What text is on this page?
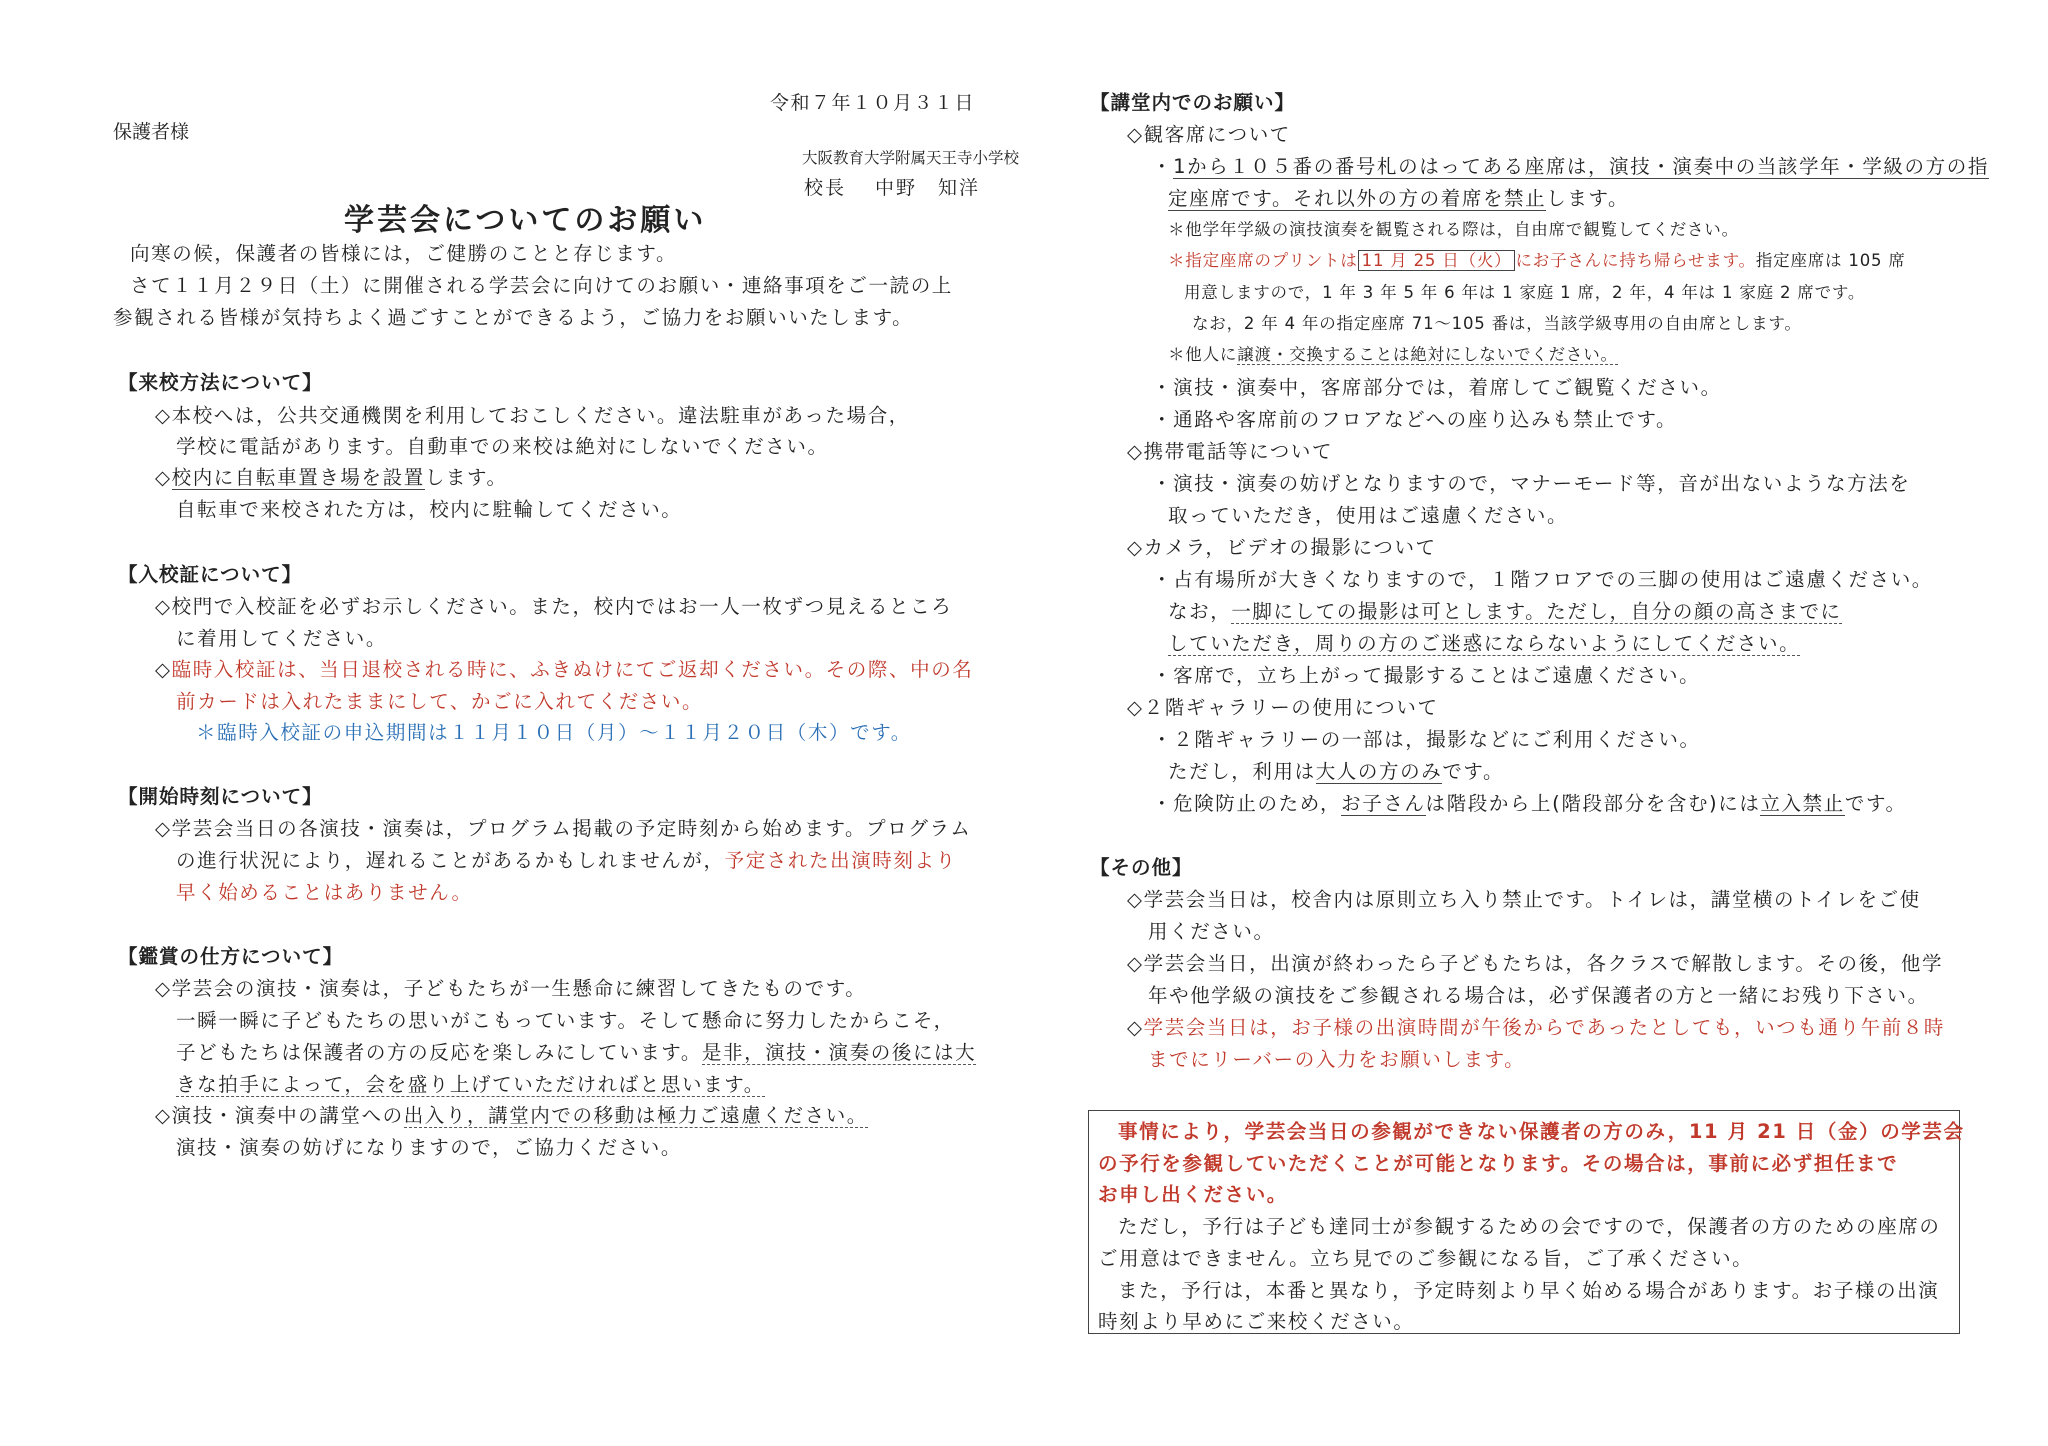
令和７年１０月３１日
保護者様
大阪教育大学附属天王寺小学校
校長　 中野　知洋
学芸会についてのお願い
向寒の候，保護者の皆様には，ご健勝のことと存じます。
さて１１月２９日（土）に開催される学芸会に向けてのお願い・連絡事項をご一読の上
参観される皆様が気持ちよく過ごすことができるよう，ご協力をお願いいたします。
【来校方法について】
◇本校へは，公共交通機関を利用しておこしください。違法駐車があった場合，
学校に電話があります。自動車での来校は絶対にしないでください。
◇校内に自転車置き場を設置します。
自転車で来校された方は，校内に駐輪してください。
【入校証について】
◇校門で入校証を必ずお示しください。また，校内ではお一人一枚ずつ見えるところ
に着用してください。
◇臨時入校証は、当日退校される時に、ふきぬけにてご返却ください。その際、中の名
前カードは入れたままにして、かごに入れてください。
＊臨時入校証の申込期間は１１月１０日（月）～１１月２０日（木）です。
【開始時刻について】
◇学芸会当日の各演技・演奏は，プログラム掲載の予定時刻から始めます。プログラム
の進行状況により，遅れることがあるかもしれませんが，予定された出演時刻より
早く始めることはありません。
【鑑賞の仕方について】
◇学芸会の演技・演奏は，子どもたちが一生懸命に練習してきたものです。
一瞬一瞬に子どもたちの思いがこもっています。そして懸命に努力したからこそ，
子どもたちは保護者の方の反応を楽しみにしています。是非，演技・演奏の後には大
きな拍手によって，会を盛り上げていただければと思います。
◇演技・演奏中の講堂への出入り，講堂内での移動は極力ご遠慮ください。
演技・演奏の妨げになりますので，ご協力ください。
【講堂内でのお願い】
◇観客席について
・1から１０５番の番号札のはってある座席は，演技・演奏中の当該学年・学級の方の指
定座席です。それ以外の方の着席を禁止します。
＊他学年学級の演技演奏を観覧される際は，自由席で観覧してください。
＊指定座席のプリントは 11 月 25 日（火） にお子さんに持ち帰らせます。指定座席は 105 席
用意しますので，1 年 3 年 5 年 6 年は 1 家庭 1 席，2 年，4 年は 1 家庭 2 席です。
なお，2 年 4 年の指定座席 71～105 番は，当該学級専用の自由席とします。
＊他人に譲渡・交換することは絶対にしないでください。
・演技・演奏中，客席部分では，着席してご観覧ください。
・通路や客席前のフロアなどへの座り込みも禁止です。
◇携帯電話等について
・演技・演奏の妨げとなりますので，マナーモード等，音が出ないような方法を
取っていただき，使用はご遠慮ください。
◇カメラ，ビデオの撮影について
・占有場所が大きくなりますので，１階フロアでの三脚の使用はご遠慮ください。
なお，一脚にしての撮影は可とします。ただし，自分の顔の高さまでに
していただき，周りの方のご迷惑にならないようにしてください。
・客席で，立ち上がって撮影することはご遠慮ください。
◇２階ギャラリーの使用について
・２階ギャラリーの一部は，撮影などにご利用ください。
ただし，利用は大人の方のみです。
・危険防止のため，お子さんは階段から上(階段部分を含む)には立入禁止です。
【その他】
◇学芸会当日は，校舎内は原則立ち入り禁止です。トイレは，講堂横のトイレをご使
用ください。
◇学芸会当日，出演が終わったら子どもたちは，各クラスで解散します。その後，他学
年や他学級の演技をご参観される場合は，必ず保護者の方と一緒にお残り下さい。
◇学芸会当日は，お子様の出演時間が午後からであったとしても，いつも通り午前８時
までにリーバーの入力をお願いします。
事情により，学芸会当日の参観ができない保護者の方のみ，11 月 21 日（金）の学芸会
の予行を参観していただくことが可能となります。その場合は，事前に必ず担任まで
お申し出ください。
ただし，予行は子ども達同士が参観するための会ですので，保護者の方のための座席の
ご用意はできません。立ち見でのご参観になる旨，ご了承ください。
また，予行は，本番と異なり，予定時刻より早く始める場合があります。お子様の出演
時刻より早めにご来校ください。
